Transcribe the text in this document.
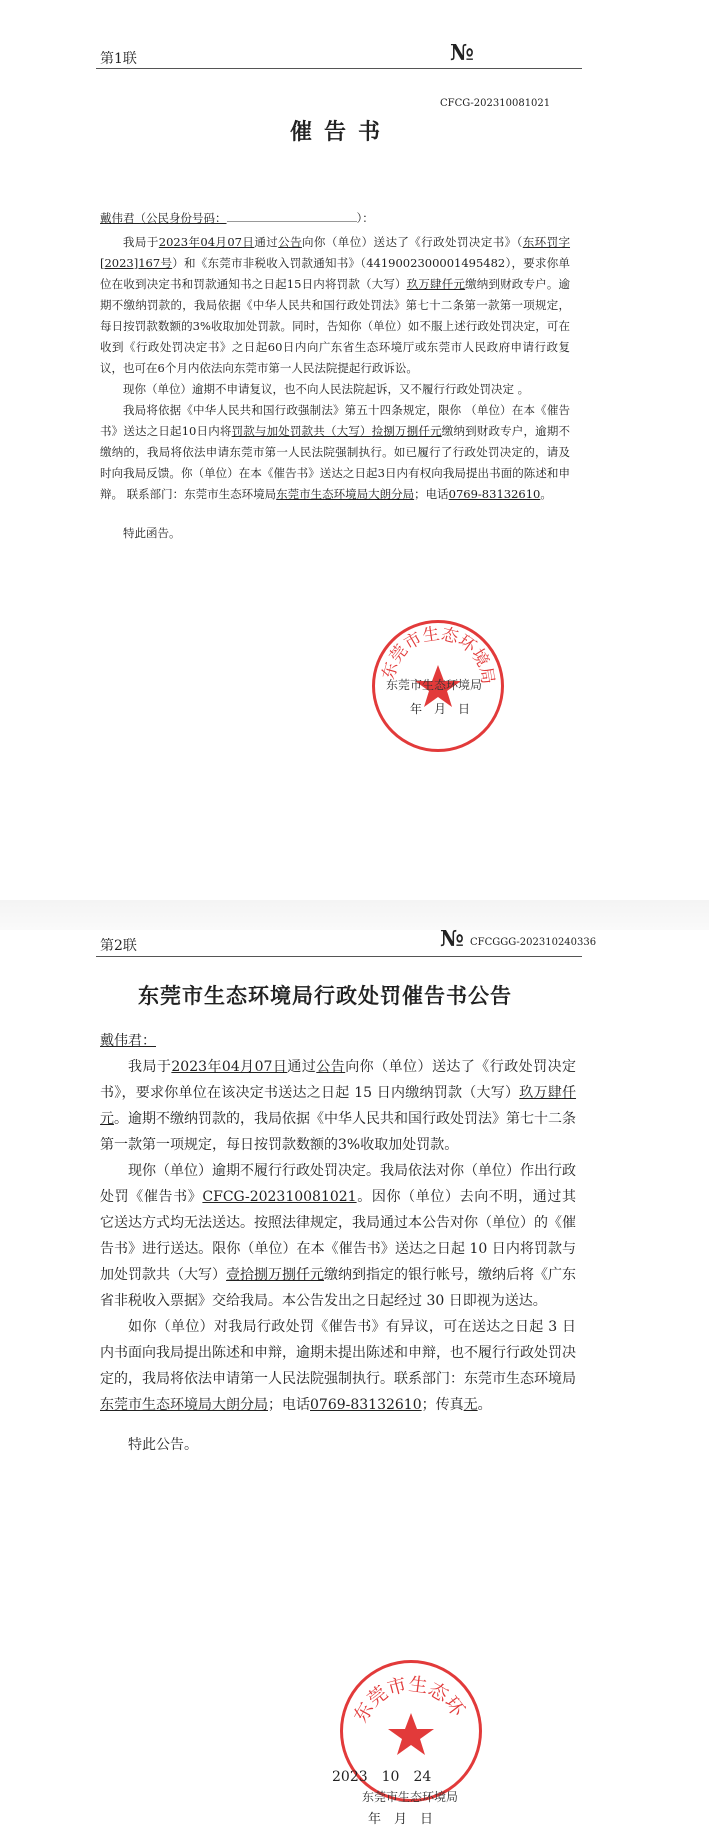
第1联	№
CFCG-202310081021
催告书
戴伟君（公民身份号码：	）：

我局于2023年04月07日通过公告向你（单位）送达了《行政处罚决定书》（东环罚字[2023]167号）和《东莞市非税收入罚款通知书》（4419002300001495482），要求你单位在收到决定书和罚款通知书之日起15日内将罚款（大写）玖万肆仟元缴纳到财政专户。逾期不缴纳罚款的，我局依据《中华人民共和国行政处罚法》第七十二条第一款第一项规定，每日按罚款数额的3%收取加处罚款。同时，告知你（单位）如不服上述行政处罚决定，可在收到《行政处罚决定书》之日起60日内向广东省生态环境厅或东莞市人民政府申请行政复议，也可在6个月内依法向东莞市第一人民法院提起行政诉讼。

现你（单位）逾期不申请复议，也不向人民法院起诉，又不履行行政处罚决定 。

我局将依据《中华人民共和国行政强制法》第五十四条规定，限你 （单位）在本《催告书》送达之日起10日内将罚款与加处罚款共（大写）捡捌万捌仟元缴纳到财政专户，逾期不缴纳的，我局将依法申请东莞市第一人民法院强制执行。如已履行了行政处罚决定的，请及时向我局反馈。你（单位）在本《催告书》送达之日起3日内有权向我局提出书面的陈述和申辩。 联系部门：东莞市生态环境局东莞市生态环境局大朗分局；电话0769-83132610。

特此函告。

东莞市生态环境局
东莞市生态环境局
年　月　日
第2联	№ CFCGGG-202310240336
东莞市生态环境局行政处罚催告书公告
戴伟君：

我局于2023年04月07日通过公告向你（单位）送达了《行政处罚决定书》，要求你单位在该决定书送达之日起 15 日内缴纳罚款（大写）玖万肆仟元。逾期不缴纳罚款的，我局依据《中华人民共和国行政处罚法》第七十二条第一款第一项规定，每日按罚款数额的3%收取加处罚款。

现你（单位）逾期不履行行政处罚决定。我局依法对你（单位）作出行政处罚《催告书》CFCG-202310081021。因你（单位）去向不明，通过其它送达方式均无法送达。按照法律规定，我局通过本公告对你（单位）的《催告书》进行送达。限你（单位）在本《催告书》送达之日起 10 日内将罚款与加处罚款共（大写）壹拾捌万捌仟元缴纳到指定的银行帐号，缴纳后将《广东省非税收入票据》交给我局。本公告发出之日起经过 30 日即视为送达。

如你（单位）对我局行政处罚《催告书》有异议，可在送达之日起 3 日内书面向我局提出陈述和申辩，逾期未提出陈述和申辩，也不履行行政处罚决定的，我局将依法申请第一人民法院强制执行。联系部门：东莞市生态环境局东莞市生态环境局大朗分局；电话0769-83132610；传真无。

特此公告。

东莞市生态环
2023　10　24
东莞市生态环境局
年　月　日
